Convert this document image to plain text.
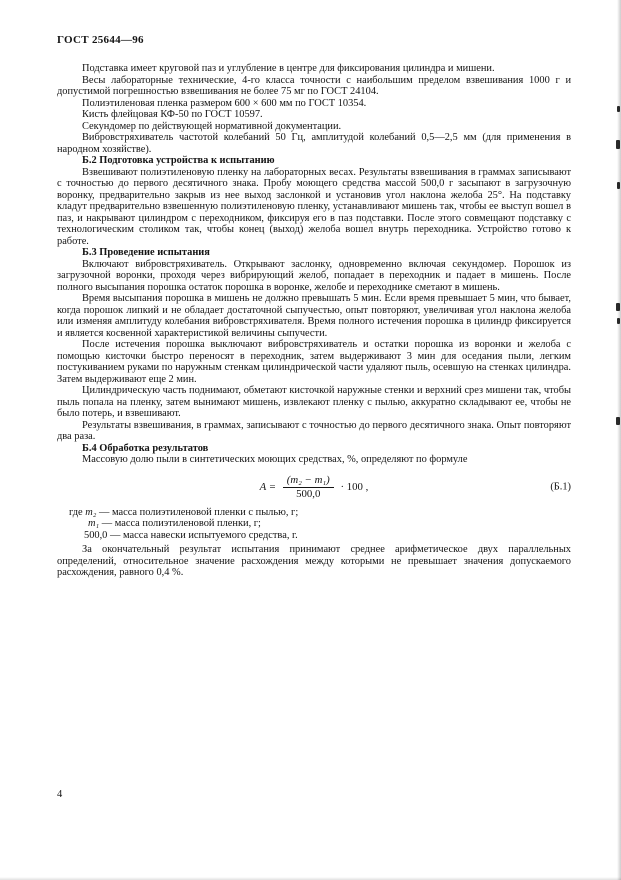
ГОСТ 25644—96

Подставка имеет круговой паз и углубление в центре для фиксирования цилиндра и мишени.

Весы лабораторные технические, 4-го класса точности с наибольшим пределом взвешивания 1000 г и допустимой погрешностью взвешивания не более 75 мг по ГОСТ 24104.

Полиэтиленовая пленка размером 600 × 600 мм по ГОСТ 10354.

Кисть флейцовая КФ-50 по ГОСТ 10597.

Секундомер по действующей нормативной документации.

Вибровстряхиватель частотой колебаний 50 Гц, амплитудой колебаний 0,5—2,5 мм (для применения в народном хозяйстве).

Б.2 Подготовка устройства к испытанию

Взвешивают полиэтиленовую пленку на лабораторных весах. Результаты взвешивания в граммах записывают с точностью до первого десятичного знака. Пробу моющего средства массой 500,0 г засыпают в загрузочную воронку, предварительно закрыв из нее выход заслонкой и установив угол наклона желоба 25°. На подставку кладут предварительно взвешенную полиэтиленовую пленку, устанавливают мишень так, чтобы ее выступ вошел в паз, и накрывают цилиндром с переходником, фиксируя его в паз подставки. После этого совмещают подставку с технологическим столиком так, чтобы конец (выход) желоба вошел внутрь переходника. Устройство готово к работе.

Б.3 Проведение испытания

Включают вибровстряхиватель. Открывают заслонку, одновременно включая секундомер. Порошок из загрузочной воронки, проходя через вибрирующий желоб, попадает в переходник и падает в мишень. После полного высыпания порошка остаток порошка в воронке, желобе и переходнике сметают в мишень.

Время высыпания порошка в мишень не должно превышать 5 мин. Если время превышает 5 мин, что бывает, когда порошок липкий и не обладает достаточной сыпучестью, опыт повторяют, увеличивая угол наклона желоба или изменяя амплитуду колебания вибровстряхивателя. Время полного истечения порошка в цилиндр фиксируется и является косвенной характеристикой величины сыпучести.

После истечения порошка выключают вибровстряхиватель и остатки порошка из воронки и желоба с помощью кисточки быстро переносят в переходник, затем выдерживают 3 мин для оседания пыли, легким постукиванием руками по наружным стенкам цилиндрической части удаляют пыль, осевшую на стенках цилиндра. Затем выдерживают еще 2 мин.

Цилиндрическую часть поднимают, обметают кисточкой наружные стенки и верхний срез мишени так, чтобы пыль попала на пленку, затем вынимают мишень, извлекают пленку с пылью, аккуратно складывают ее, чтобы не было потерь, и взвешивают.

Результаты взвешивания, в граммах, записывают с точностью до первого десятичного знака. Опыт повторяют два раза.

Б.4 Обработка результатов

Массовую долю пыли в синтетических моющих средствах, %, определяют по формуле

$A = \frac{\text{(m₂ − m₁)}}{500,0} \cdot 100$ ,	(Б.1)

где m₂ — масса полиэтиленовой пленки с пылью, г;

m₁ — масса полиэтиленовой пленки, г;

500,0 — масса навески испытуемого средства, г.

За окончательный результат испытания принимают среднее арифметическое двух параллельных определений, относительное значение расхождения между которыми не превышает значения допускаемого расхождения, равного 0,4 %.

4
